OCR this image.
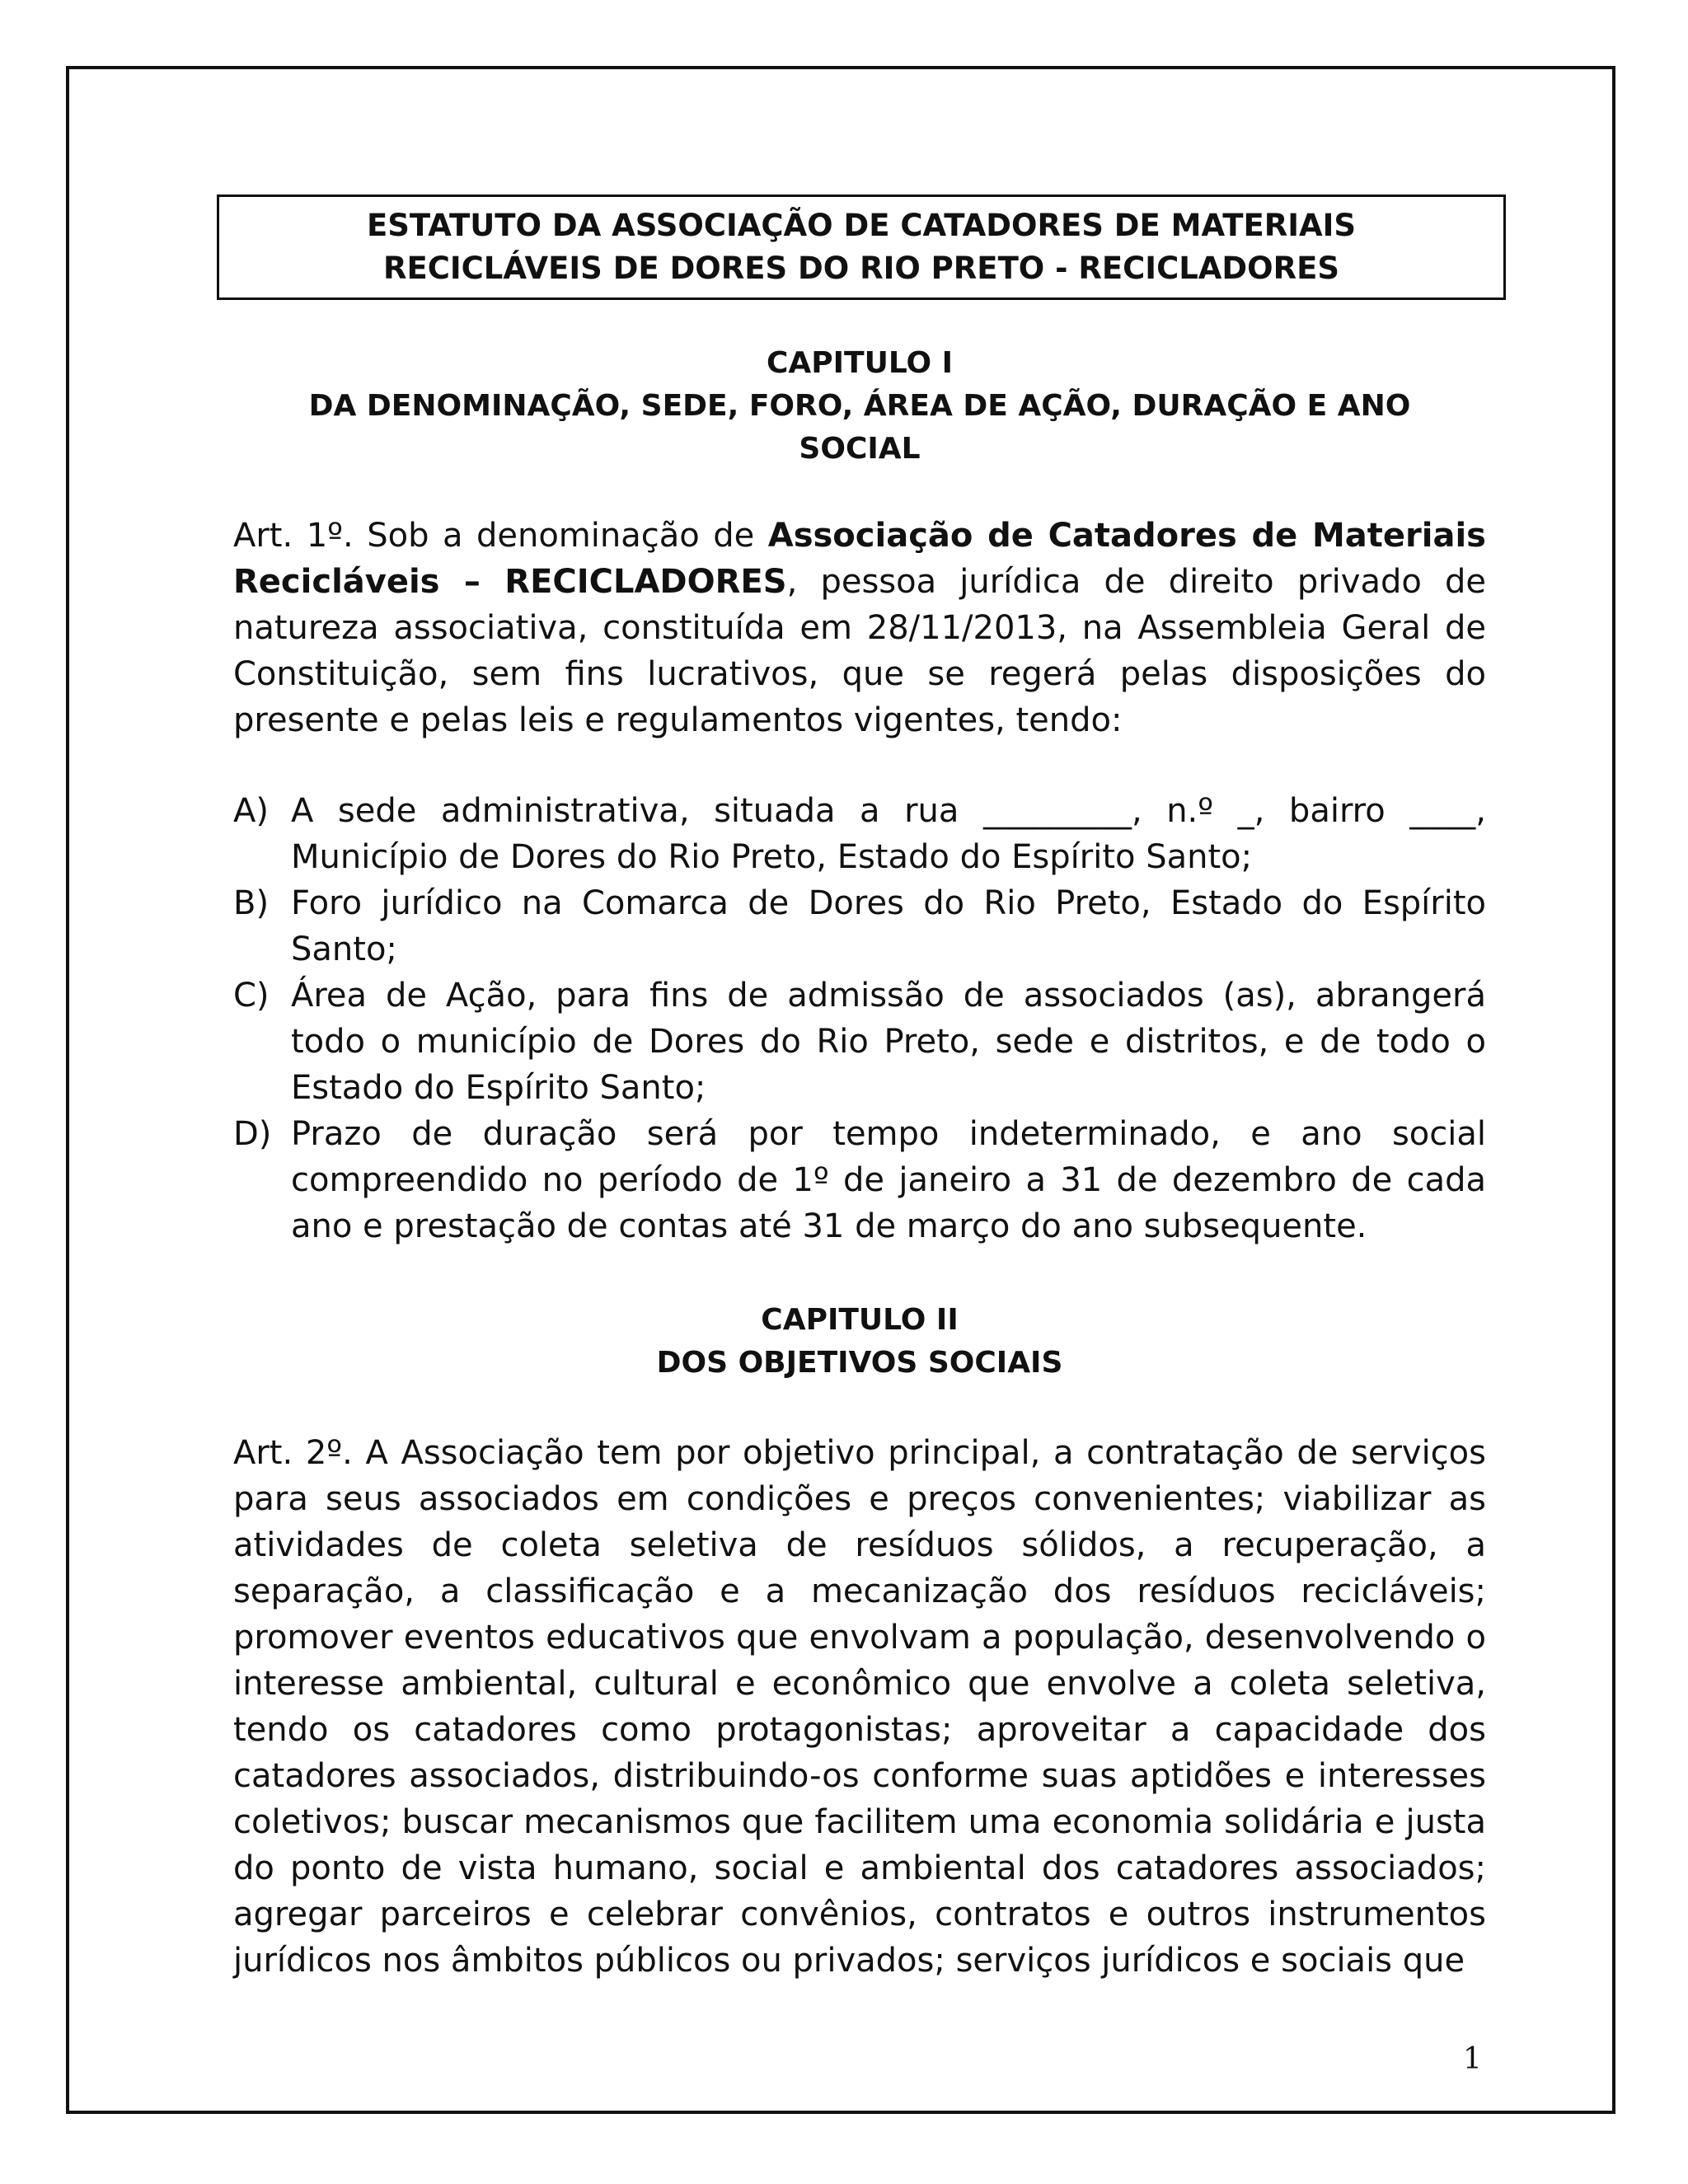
ESTATUTO DA ASSOCIAÇÃO DE CATADORES DE MATERIAIS
RECICLÁVEIS DE DORES DO RIO PRETO - RECICLADORES
CAPITULO I
DA DENOMINAÇÃO, SEDE, FORO, ÁREA DE AÇÃO, DURAÇÃO E ANO
SOCIAL
Art. 1º. Sob a denominação de Associação de Catadores de Materiais Recicláveis – RECICLADORES, pessoa jurídica de direito privado de natureza associativa, constituída em 28/11/2013, na Assembleia Geral de Constituição, sem fins lucrativos, que se regerá pelas disposições do presente e pelas leis e regulamentos vigentes, tendo:
A) A sede administrativa, situada a rua _________, n.º _, bairro ____, Município de Dores do Rio Preto, Estado do Espírito Santo;
B) Foro jurídico na Comarca de Dores do Rio Preto, Estado do Espírito Santo;
C) Área de Ação, para fins de admissão de associados (as), abrangerá todo o município de Dores do Rio Preto, sede e distritos, e de todo o Estado do Espírito Santo;
D) Prazo de duração será por tempo indeterminado, e ano social compreendido no período de 1º de janeiro a 31 de dezembro de cada ano e prestação de contas até 31 de março do ano subsequente.
CAPITULO II
DOS OBJETIVOS SOCIAIS
Art. 2º. A Associação tem por objetivo principal, a contratação de serviços para seus associados em condições e preços convenientes; viabilizar as atividades de coleta seletiva de resíduos sólidos, a recuperação, a separação, a classificação e a mecanização dos resíduos recicláveis; promover eventos educativos que envolvam a população, desenvolvendo o interesse ambiental, cultural e econômico que envolve a coleta seletiva, tendo os catadores como protagonistas; aproveitar a capacidade dos catadores associados, distribuindo-os conforme suas aptidões e interesses coletivos; buscar mecanismos que facilitem uma economia solidária e justa do ponto de vista humano, social e ambiental dos catadores associados; agregar parceiros e celebrar convênios, contratos e outros instrumentos jurídicos nos âmbitos públicos ou privados; serviços jurídicos e sociais que
1
